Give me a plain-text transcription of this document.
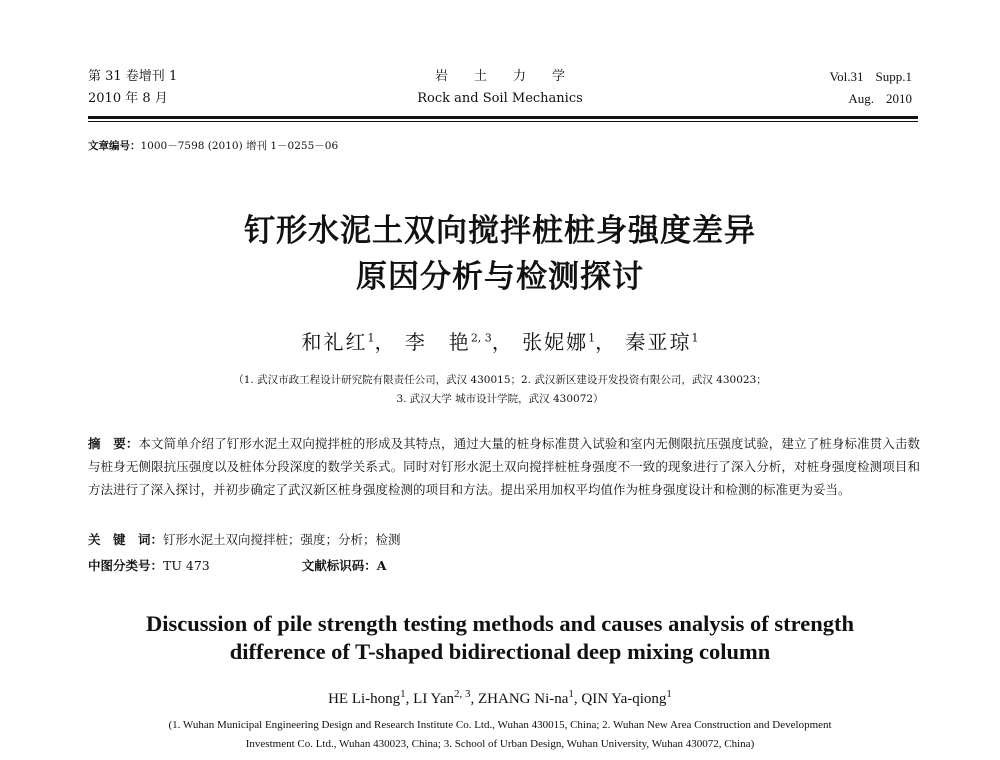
第 31 卷增刊 1
2010 年 8 月
岩土力学
Rock and Soil Mechanics
Vol.31 Supp.1
Aug. 2010
文章编号：1000－7598 (2010) 增刊 1－0255－06
钉形水泥土双向搅拌桩桩身强度差异
原因分析与检测探讨
和礼红$^1$， 李　艳$^{2, 3}$， 张妮娜$^1$， 秦亚琼$^1$
（1. 武汉市政工程设计研究院有限责任公司，武汉 430015；2. 武汉新区建设开发投资有限公司，武汉 430023；
3. 武汉大学 城市设计学院，武汉 430072）
摘　要：本文简单介绍了钉形水泥土双向搅拌桩的形成及其特点，通过大量的桩身标准贯入试验和室内无侧限抗压强度试验，建立了桩身标准贯入击数与桩身无侧限抗压强度以及桩体分段深度的数学关系式。同时对钉形水泥土双向搅拌桩桩身强度不一致的现象进行了深入分析，对桩身强度检测项目和方法进行了深入探讨，并初步确定了武汉新区桩身强度检测的项目和方法。提出采用加权平均值作为桩身强度设计和检测的标准更为妥当。
关　键　词：钉形水泥土双向搅拌桩；强度；分析；检测
中图分类号：TU 473	文献标识码：A
Discussion of pile strength testing methods and causes analysis of strength
difference of T-shaped bidirectional deep mixing column
HE Li-hong$^1$, LI Yan$^{2, 3}$, ZHANG $Ni-na^1$, QIN Ya-qiong$^1$
(1. Wuhan Municipal Engineering Design and Research Institute Co. Ltd., Wuhan 430015, China; 2. Wuhan New Area Construction and Development
Investment Co. Ltd., Wuhan 430023, China; 3. School of Urban Design, Wuhan University, Wuhan 430072, China)
